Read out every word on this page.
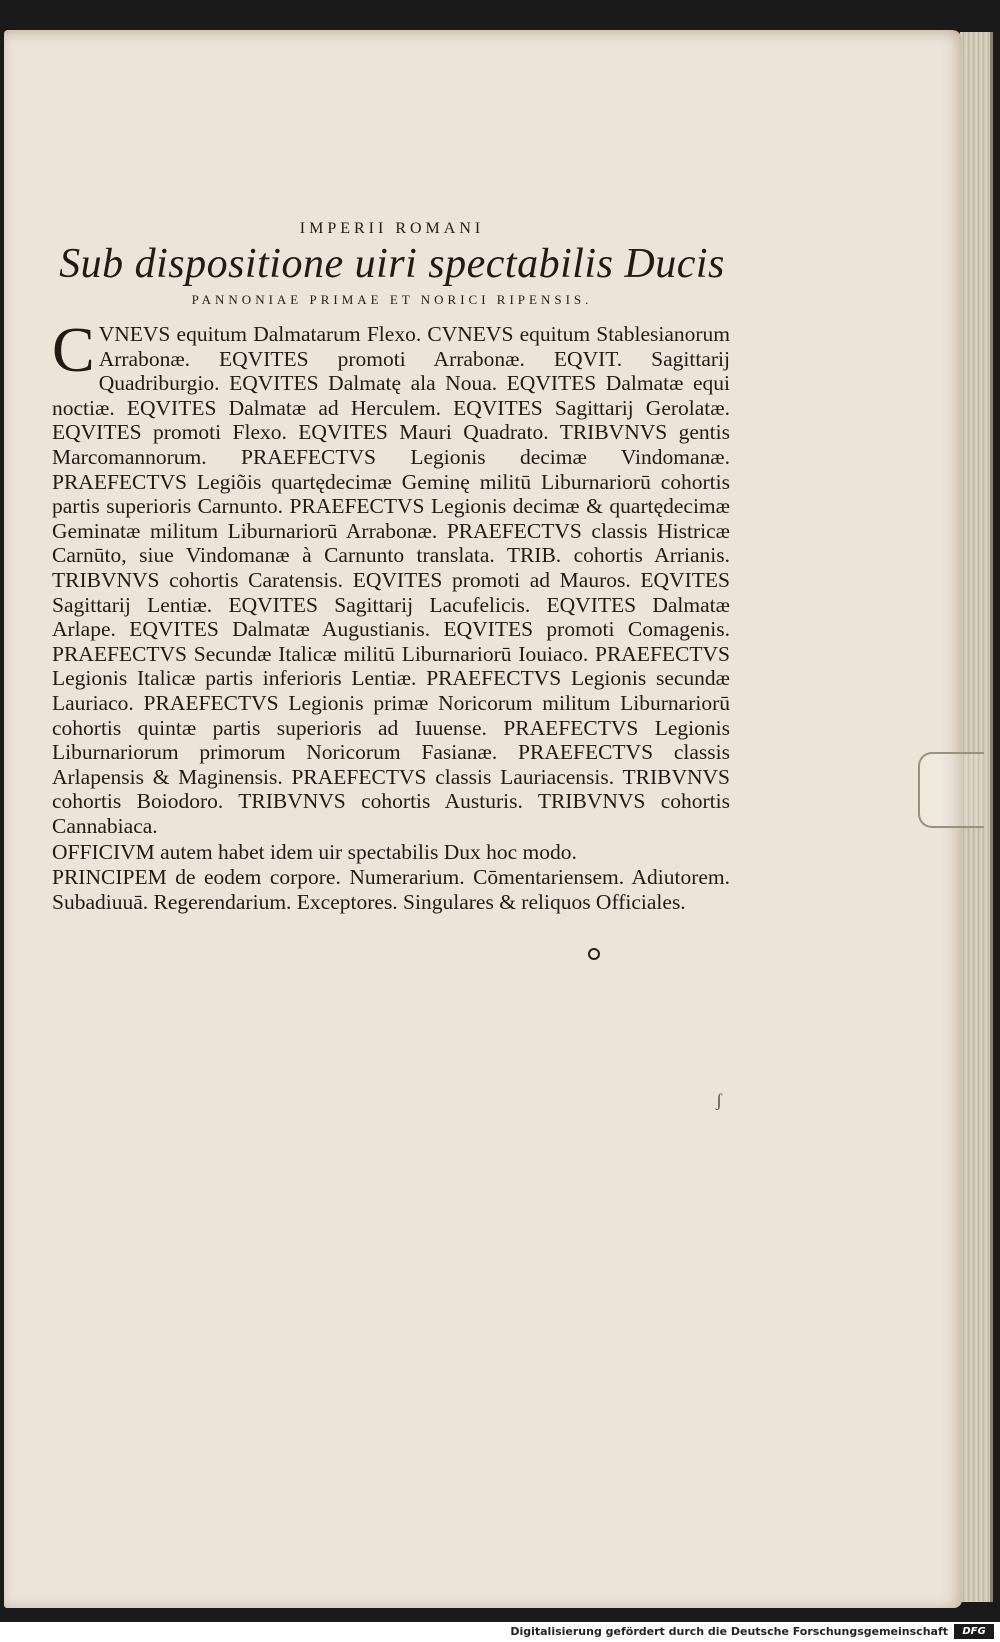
IMPERII ROMANI
Sub dispositione uiri spectabilis Ducis
PANNONIAE PRIMAE ET NORICI RIPENSIS.

CVNEVS equitum Dalmatarum Flexo. CVNEVS equitum Stablesianorum Arrabonæ. EQVITES promoti Arrabonæ. EQVIT. Sagittarij Quadriburgio. EQVITES Dalmatę ala Noua. EQVITES Dalmatæ equi noctiæ. EQVITES Dalmatæ ad Herculem. EQVITES Sagittarij Gerolatæ. EQVITES promoti Flexo. EQVITES Mauri Quadrato. TRIBVNVS gentis Marcomannorum. PRAEFECTVS Legionis decimæ Vindomanæ. PRAEFECTVS Legiõis quartędecimæ Geminę militū Liburnariorū cohortis partis superioris Carnunto. PRAEFECTVS Legionis decimæ & quartędecimæ Geminatæ militum Liburnariorū Arrabonæ. PRAEFECTVS classis Histricæ Carnūto, siue Vindomanæ à Carnunto translata. TRIB. cohortis Arrianis. TRIBVNVS cohortis Caratensis. EQVITES promoti ad Mauros. EQVITES Sagittarij Lentiæ. EQVITES Sagittarij Lacufelicis. EQVITES Dalmatæ Arlape. EQVITES Dalmatæ Augustianis. EQVITES promoti Comagenis. PRAEFECTVS Secundæ Italicæ militū Liburnariorū Iouiaco. PRAEFECTVS Legionis Italicæ partis inferioris Lentiæ. PRAEFECTVS Legionis secundæ Lauriaco. PRAEFECTVS Legionis primæ Noricorum militum Liburnariorū cohortis quintæ partis superioris ad Iuuense. PRAEFECTVS Legionis Liburnariorum primorum Noricorum Fasianæ. PRAEFECTVS classis Arlapensis & Maginensis. PRAEFECTVS classis Lauriacensis. TRIBVNVS cohortis Boiodoro. TRIBVNVS cohortis Austuris. TRIBVNVS cohortis Cannabiaca.

OFFICIVM autem habet idem uir spectabilis Dux hoc modo.

PRINCIPEM de eodem corpore. Numerarium. Cōmentariensem. Adiutorem. Subadiuuā. Regerendarium. Exceptores. Singulares & reliquos Officiales.

ʃ
Digitalisierung gefördert durch die Deutsche Forschungsgemeinschaft	DFG
